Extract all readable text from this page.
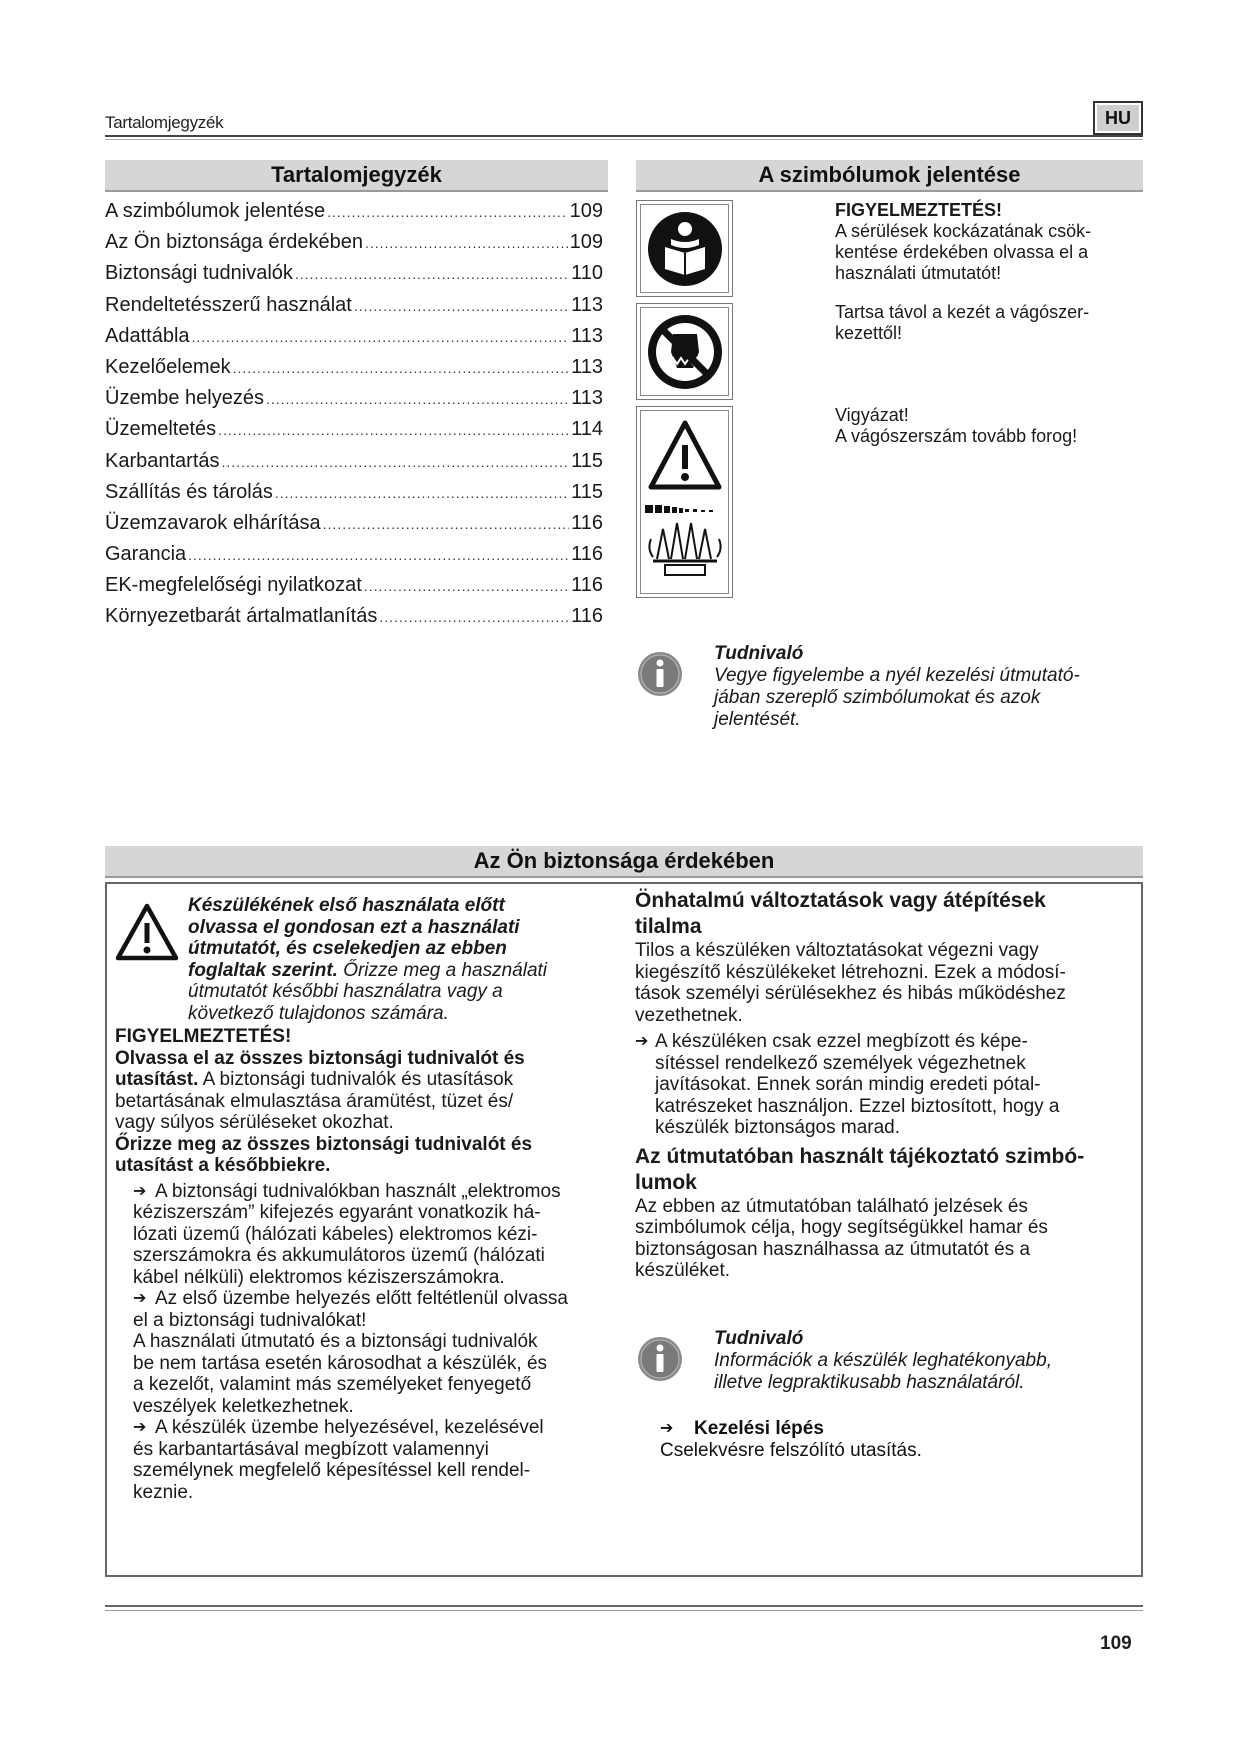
Tartalomjegyzék	HU
Tartalomjegyzék
A szimbólumok jelentése .....	109
Az Ön biztonsága érdekében .....	109
Biztonsági tudnivalók .....	110
Rendeltetésszerű használat .....	113
Adattábla .....	113
Kezelőelemek .....	113
Üzembe helyezés .....	113
Üzemeltetés .....	114
Karbantartás .....	115
Szállítás és tárolás .....	115
Üzemzavarok elhárítása .....	116
Garancia .....	116
EK-megfelelőségi nyilatkozat .....	116
Környezetbarát ártalmatlanítás .....	116
A szimbólumok jelentése
FIGYELMEZTETÉS!
A sérülések kockázatának csök-
kentése érdekében olvassa el a
használati útmutatót!
Tartsa távol a kezét a vágószer-
kezettől!
Vigyázat!
A vágószerszám tovább forog!
Tudnivaló
Vegye figyelembe a nyél kezelési útmutató-
jában szereplő szimbólumokat és azok
jelentését.
Az Ön biztonsága érdekében
Készülékének első használata előtt
olvassa el gondosan ezt a használati
útmutatót, és cselekedjen az ebben
foglaltak szerint. Őrizze meg a használati
útmutatót későbbi használatra vagy a
következő tulajdonos számára.
FIGYELMEZTETÉS!
Olvassa el az összes biztonsági tudnivalót és
utasítást. A biztonsági tudnivalók és utasítások
betartásának elmulasztása áramütést, tüzet és/
vagy súlyos sérüléseket okozhat.
Őrizze meg az összes biztonsági tudnivalót és
utasítást a későbbiekre.
➔ A biztonsági tudnivalókban használt „elektromos
kéziszerszám” kifejezés egyaránt vonatkozik há-
lózati üzemű (hálózati kábeles) elektromos kézi-
szerszámokra és akkumulátoros üzemű (hálózati
kábel nélküli) elektromos kéziszerszámokra.
➔ Az első üzembe helyezés előtt feltétlenül olvassa
el a biztonsági tudnivalókat!
A használati útmutató és a biztonsági tudnivalók
be nem tartása esetén károsodhat a készülék, és
a kezelőt, valamint más személyeket fenyegető
veszélyek keletkezhetnek.
➔ A készülék üzembe helyezésével, kezelésével
és karbantartásával megbízott valamennyi
személynek megfelelő képesítéssel kell rendel-
keznie.
Önhatalmú változtatások vagy átépítések
tilalma
Tilos a készüléken változtatásokat végezni vagy
kiegészítő készülékeket létrehozni. Ezek a módosí-
tások személyi sérülésekhez és hibás működéshez
vezethetnek.
➔ A készüléken csak ezzel megbízott és képe-
sítéssel rendelkező személyek végezhetnek
javításokat. Ennek során mindig eredeti pótal-
katrészeket használjon. Ezzel biztosított, hogy a
készülék biztonságos marad.
Az útmutatóban használt tájékoztató szimbó-
lumok
Az ebben az útmutatóban található jelzések és
szimbólumok célja, hogy segítségükkel hamar és
biztonságosan használhassa az útmutatót és a
készüléket.
Tudnivaló
Információk a készülék leghatékonyabb,
illetve legpraktikusabb használatáról.
➔	Kezelési lépés
Cselekvésre felszólító utasítás.
109
